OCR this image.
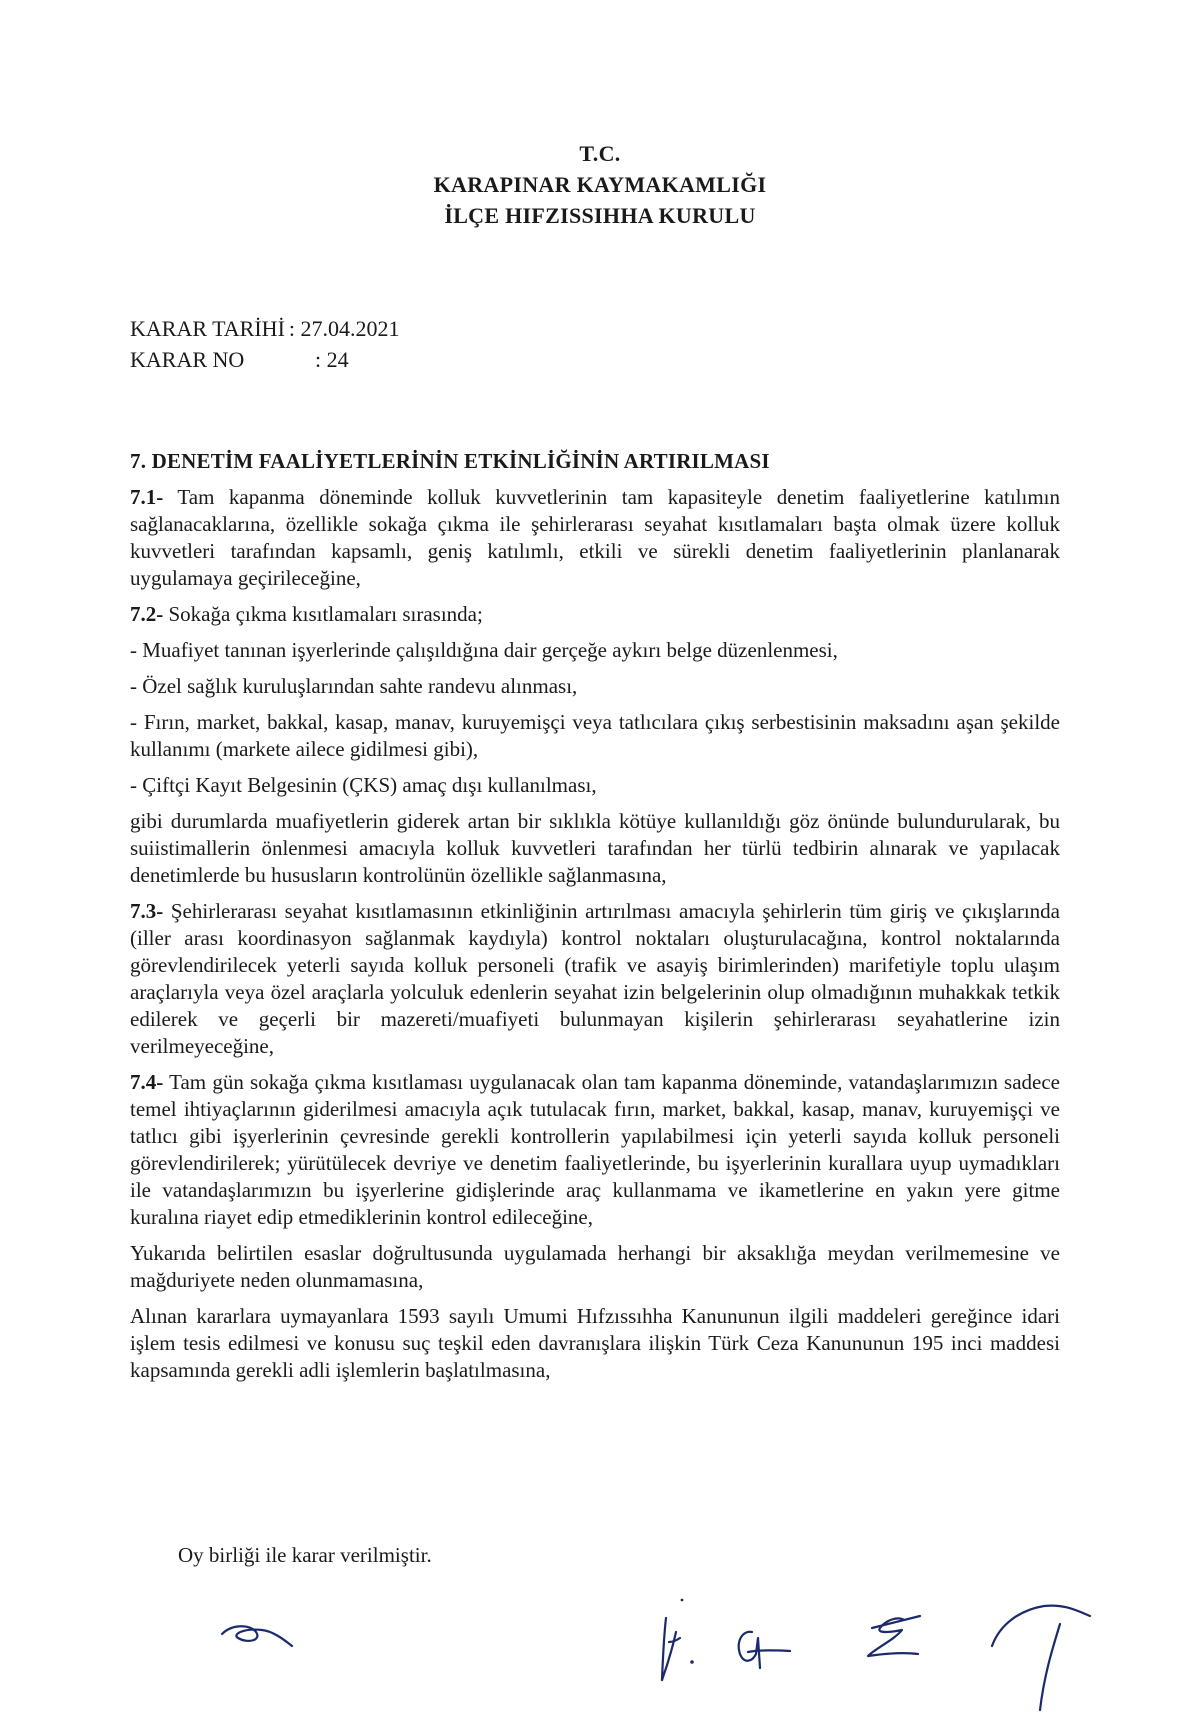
T.C.
KARAPINAR KAYMAKAMLIĞI
İLÇE HIFZISSIHHA KURULU
KARAR TARİHİ : 27.04.2021
KARAR NO	: 24
7. DENETİM FAALİYETLERİNİN ETKİNLİĞİNİN ARTIRILMASI
7.1- Tam kapanma döneminde kolluk kuvvetlerinin tam kapasiteyle denetim faaliyetlerine katılımın sağlanacaklarına, özellikle sokağa çıkma ile şehirlerarası seyahat kısıtlamaları başta olmak üzere kolluk kuvvetleri tarafından kapsamlı, geniş katılımlı, etkili ve sürekli denetim faaliyetlerinin planlanarak uygulamaya geçirileceğine,
7.2- Sokağa çıkma kısıtlamaları sırasında;
- Muafiyet tanınan işyerlerinde çalışıldığına dair gerçeğe aykırı belge düzenlenmesi,
- Özel sağlık kuruluşlarından sahte randevu alınması,
- Fırın, market, bakkal, kasap, manav, kuruyemişçi veya tatlıcılara çıkış serbestisinin maksadını aşan şekilde kullanımı (markete ailece gidilmesi gibi),
- Çiftçi Kayıt Belgesinin (ÇKS) amaç dışı kullanılması,
gibi durumlarda muafiyetlerin giderek artan bir sıklıkla kötüye kullanıldığı göz önünde bulundurularak, bu suiistimallerin önlenmesi amacıyla kolluk kuvvetleri tarafından her türlü tedbirin alınarak ve yapılacak denetimlerde bu hususların kontrolünün özellikle sağlanmasına,
7.3- Şehirlerarası seyahat kısıtlamasının etkinliğinin artırılması amacıyla şehirlerin tüm giriş ve çıkışlarında (iller arası koordinasyon sağlanmak kaydıyla) kontrol noktaları oluşturulacağına, kontrol noktalarında görevlendirilecek yeterli sayıda kolluk personeli (trafik ve asayiş birimlerinden) marifetiyle toplu ulaşım araçlarıyla veya özel araçlarla yolculuk edenlerin seyahat izin belgelerinin olup olmadığının muhakkak tetkik edilerek ve geçerli bir mazereti/muafiyeti bulunmayan kişilerin şehirlerarası seyahatlerine izin verilmeyeceğine,
7.4- Tam gün sokağa çıkma kısıtlaması uygulanacak olan tam kapanma döneminde, vatandaşlarımızın sadece temel ihtiyaçlarının giderilmesi amacıyla açık tutulacak fırın, market, bakkal, kasap, manav, kuruyemişçi ve tatlıcı gibi işyerlerinin çevresinde gerekli kontrollerin yapılabilmesi için yeterli sayıda kolluk personeli görevlendirilerek; yürütülecek devriye ve denetim faaliyetlerinde, bu işyerlerinin kurallara uyup uymadıkları ile vatandaşlarımızın bu işyerlerine gidişlerinde araç kullanmama ve ikametlerine en yakın yere gitme kuralına riayet edip etmediklerinin kontrol edileceğine,
Yukarıda belirtilen esaslar doğrultusunda uygulamada herhangi bir aksaklığa meydan verilmemesine ve mağduriyete neden olunmamasına,
Alınan kararlara uymayanlara 1593 sayılı Umumi Hıfzıssıhha Kanununun ilgili maddeleri gereğince idari işlem tesis edilmesi ve konusu suç teşkil eden davranışlara ilişkin Türk Ceza Kanununun 195 inci maddesi kapsamında gerekli adli işlemlerin başlatılmasına,
Oy birliği ile karar verilmiştir.
